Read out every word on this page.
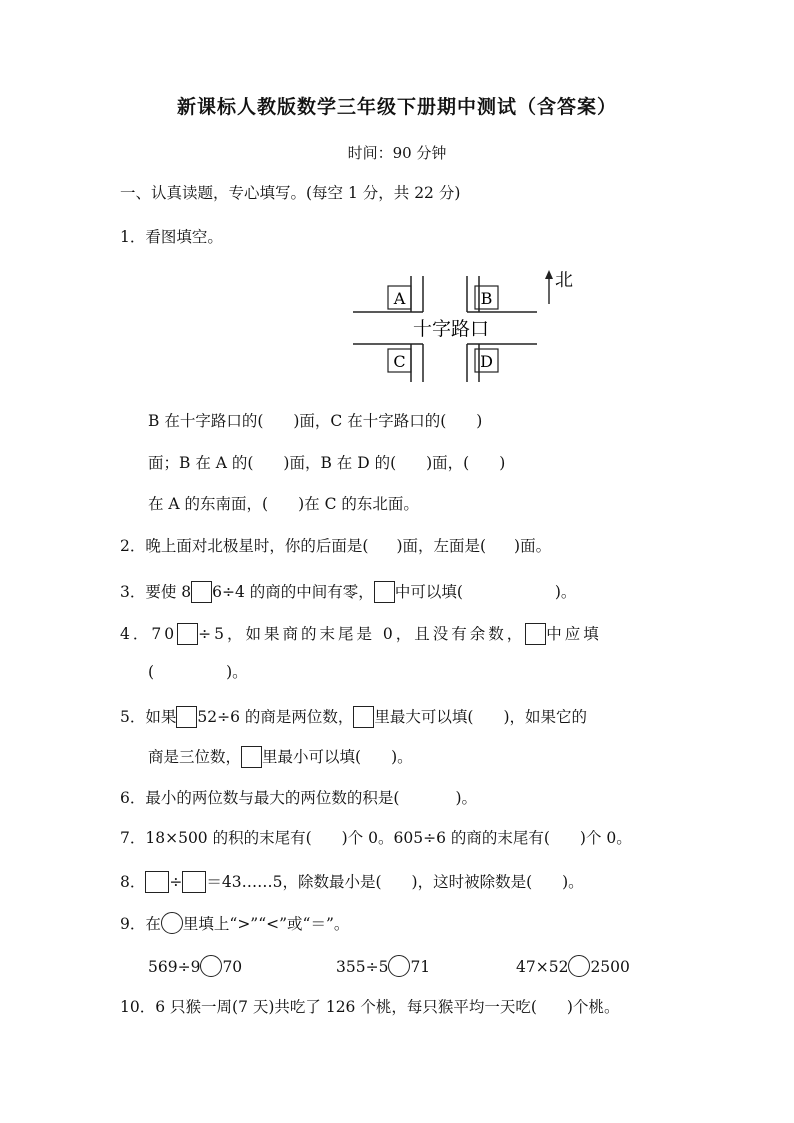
新课标人教版数学三年级下册期中测试（含答案）
时间：90 分钟
一、认真读题，专心填写。(每空 1 分，共 22 分)
1．看图填空。
A	B
C	D
十字路口
北
B 在十字路口的( )面，C 在十字路口的( )
面；B 在 A 的( )面，B 在 D 的( )面，( )
在 A 的东南面，( )在 C 的东北面。
2．晚上面对北极星时，你的后面是( )面，左面是( )面。
3．要使 8 6÷4 的商的中间有零， 中可以填(	)。
4．70 ÷5，如果商的末尾是 0，且没有余数， 中应填
(	)。
5．如果 52÷6 的商是两位数， 里最大可以填( )，如果它的
商是三位数， 里最小可以填( )。
6．最小的两位数与最大的两位数的积是(	)。
7．18×500 的积的末尾有( )个 0。605÷6 的商的末尾有( )个 0。
8． ÷ ＝43……5，除数最小是( )，这时被除数是( )。
9．在 里填上“>”“<”或“＝”。
569÷9 70	355÷5 71	47×52 2500
10．6 只猴一周(7 天)共吃了 126 个桃，每只猴平均一天吃( )个桃。
